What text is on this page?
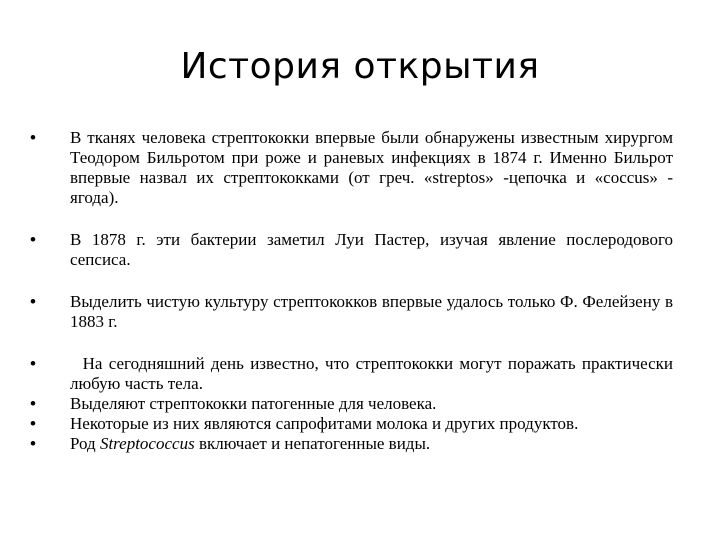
История открытия
•	В тканях человека стрептококки впервые были обнаружены известным хирургом Теодором Бильротом при роже и раневых инфекциях в 1874 г. Именно Бильрот впервые назвал их стрептококками (от греч. «streptos» -цепочка и «coccus» - ягода).
•	В 1878 г. эти бактерии заметил Луи Пастер, изучая явление послеродового сепсиса.
•	Выделить чистую культуру стрептококков впервые удалось только Ф. Фелейзену в 1883 г.
•	На сегодняшний день известно, что стрептококки могут поражать практически любую часть тела.
•	Выделяют стрептококки патогенные для человека.
•	Некоторые из них являются сапрофитами молока и других продуктов.
•	Род Streptococcus включает и непатогенные виды.
